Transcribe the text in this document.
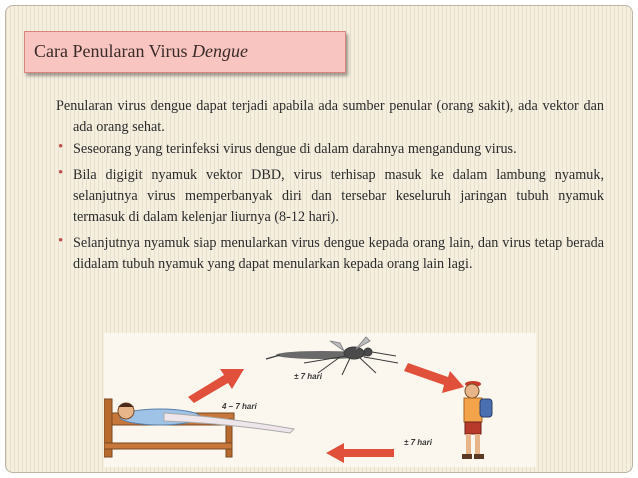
Cara Penularan Virus Dengue

Penularan virus dengue dapat terjadi apabila ada sumber penular (orang sakit), ada vektor dan ada orang sehat.

• Seseorang yang terinfeksi virus dengue di dalam darahnya mengandung virus.
• Bila digigit nyamuk vektor DBD, virus terhisap masuk ke dalam lambung nyamuk, selanjutnya virus memperbanyak diri dan tersebar keseluruh jaringan tubuh nyamuk termasuk di dalam kelenjar liurnya (8-12 hari).
• Selanjutnya nyamuk siap menularkan virus dengue kepada orang lain, dan virus tetap berada didalam tubuh nyamuk yang dapat menularkan kepada orang lain lagi.
± 7 hari
4 – 7 hari
± 7 hari
